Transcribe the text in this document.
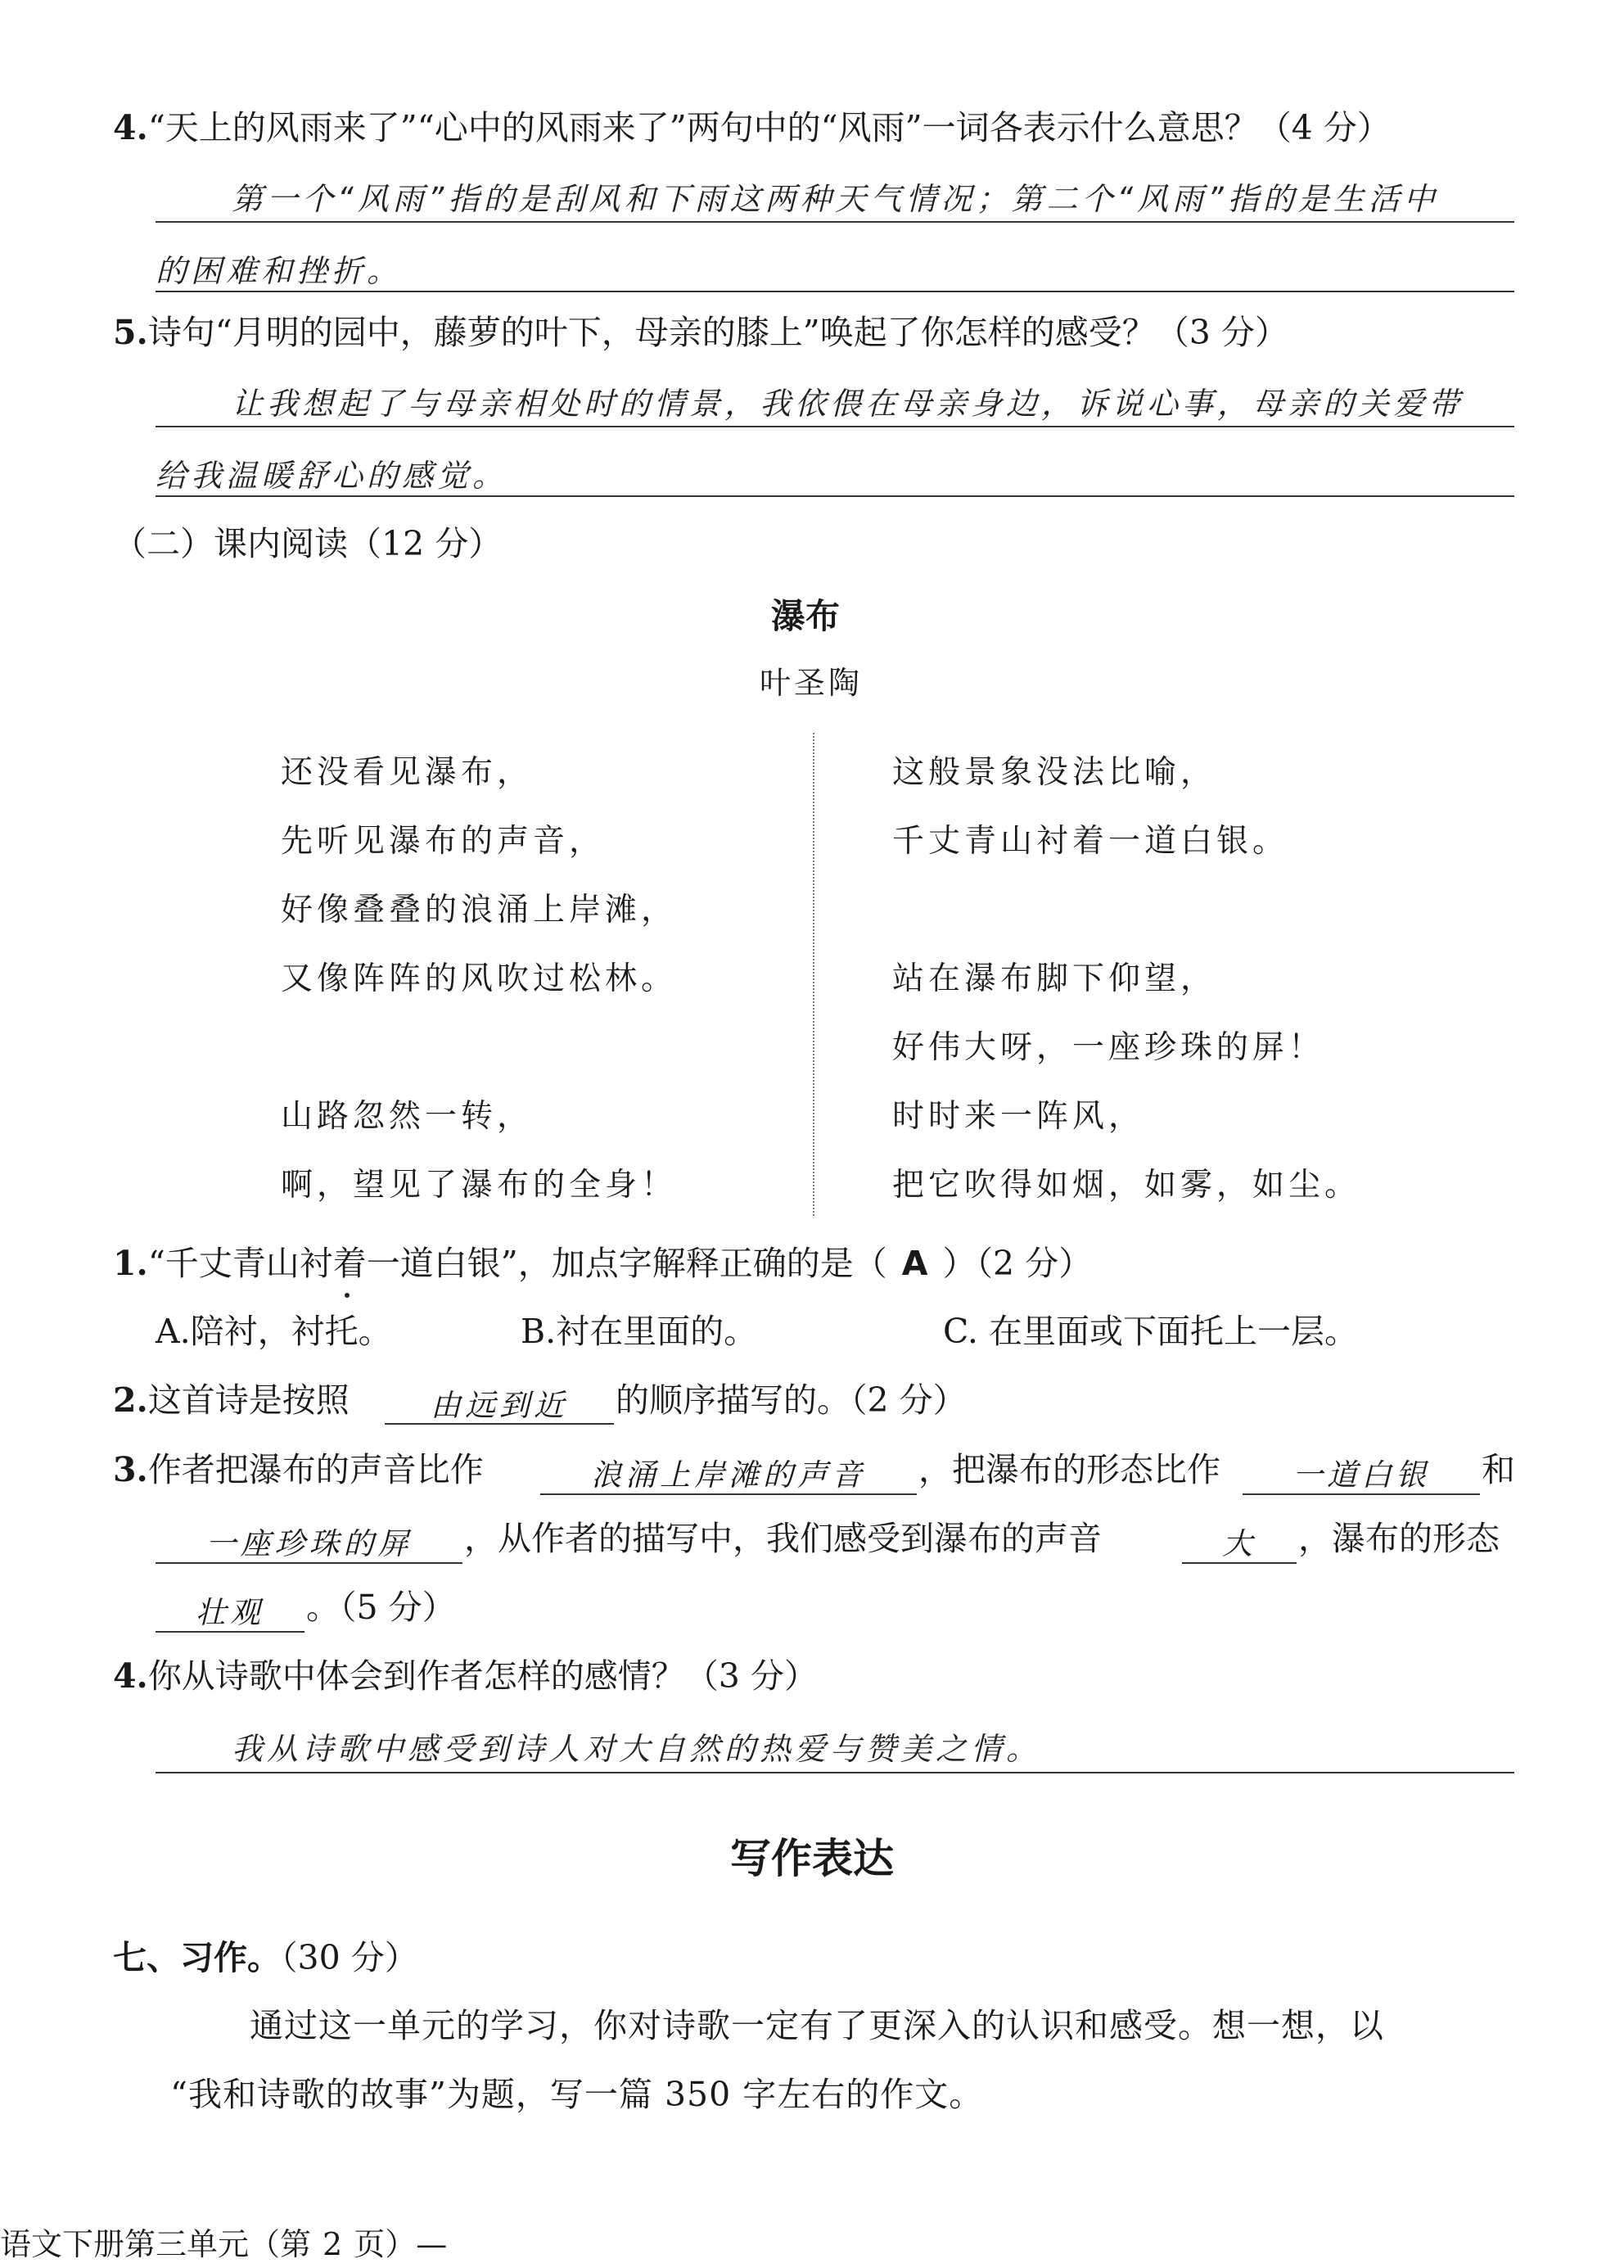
4.“天上的风雨来了”“心中的风雨来了”两句中的“风雨”一词各表示什么意思？（4 分）
第一个“风雨”指的是刮风和下雨这两种天气情况；第二个“风雨”指的是生活中
的困难和挫折。
5.诗句“月明的园中，藤萝的叶下，母亲的膝上”唤起了你怎样的感受？（3 分）
让我想起了与母亲相处时的情景，我依偎在母亲身边，诉说心事，母亲的关爱带
给我温暖舒心的感觉。
（二）课内阅读（12 分）
瀑布
叶圣陶
还没看见瀑布，
先听见瀑布的声音，
好像叠叠的浪涌上岸滩，
又像阵阵的风吹过松林。
山路忽然一转，
啊，望见了瀑布的全身！
这般景象没法比喻，
千丈青山衬着一道白银。
站在瀑布脚下仰望，
好伟大呀，一座珍珠的屏！
时时来一阵风，
把它吹得如烟，如雾，如尘。
1.“千丈青山衬着一道白银”，加点字解释正确的是（ A ）（2 分）
A.陪衬，衬托。	B.衬在里面的。	C. 在里面或下面托上一层。
2.这首诗是按照	由远到近	的顺序描写的。（2 分）
3.作者把瀑布的声音比作	浪涌上岸滩的声音	，把瀑布的形态比作	一道白银	和
一座珍珠的屏	，从作者的描写中，我们感受到瀑布的声音	大	，瀑布的形态
壮观	。（5 分）
4.你从诗歌中体会到作者怎样的感情？（3 分）
我从诗歌中感受到诗人对大自然的热爱与赞美之情。
写作表达
七、习作。（30 分）
通过这一单元的学习，你对诗歌一定有了更深入的认识和感受。想一想，以
“我和诗歌的故事”为题，写一篇 350 字左右的作文。
语文下册第三单元（第 2 页）—
